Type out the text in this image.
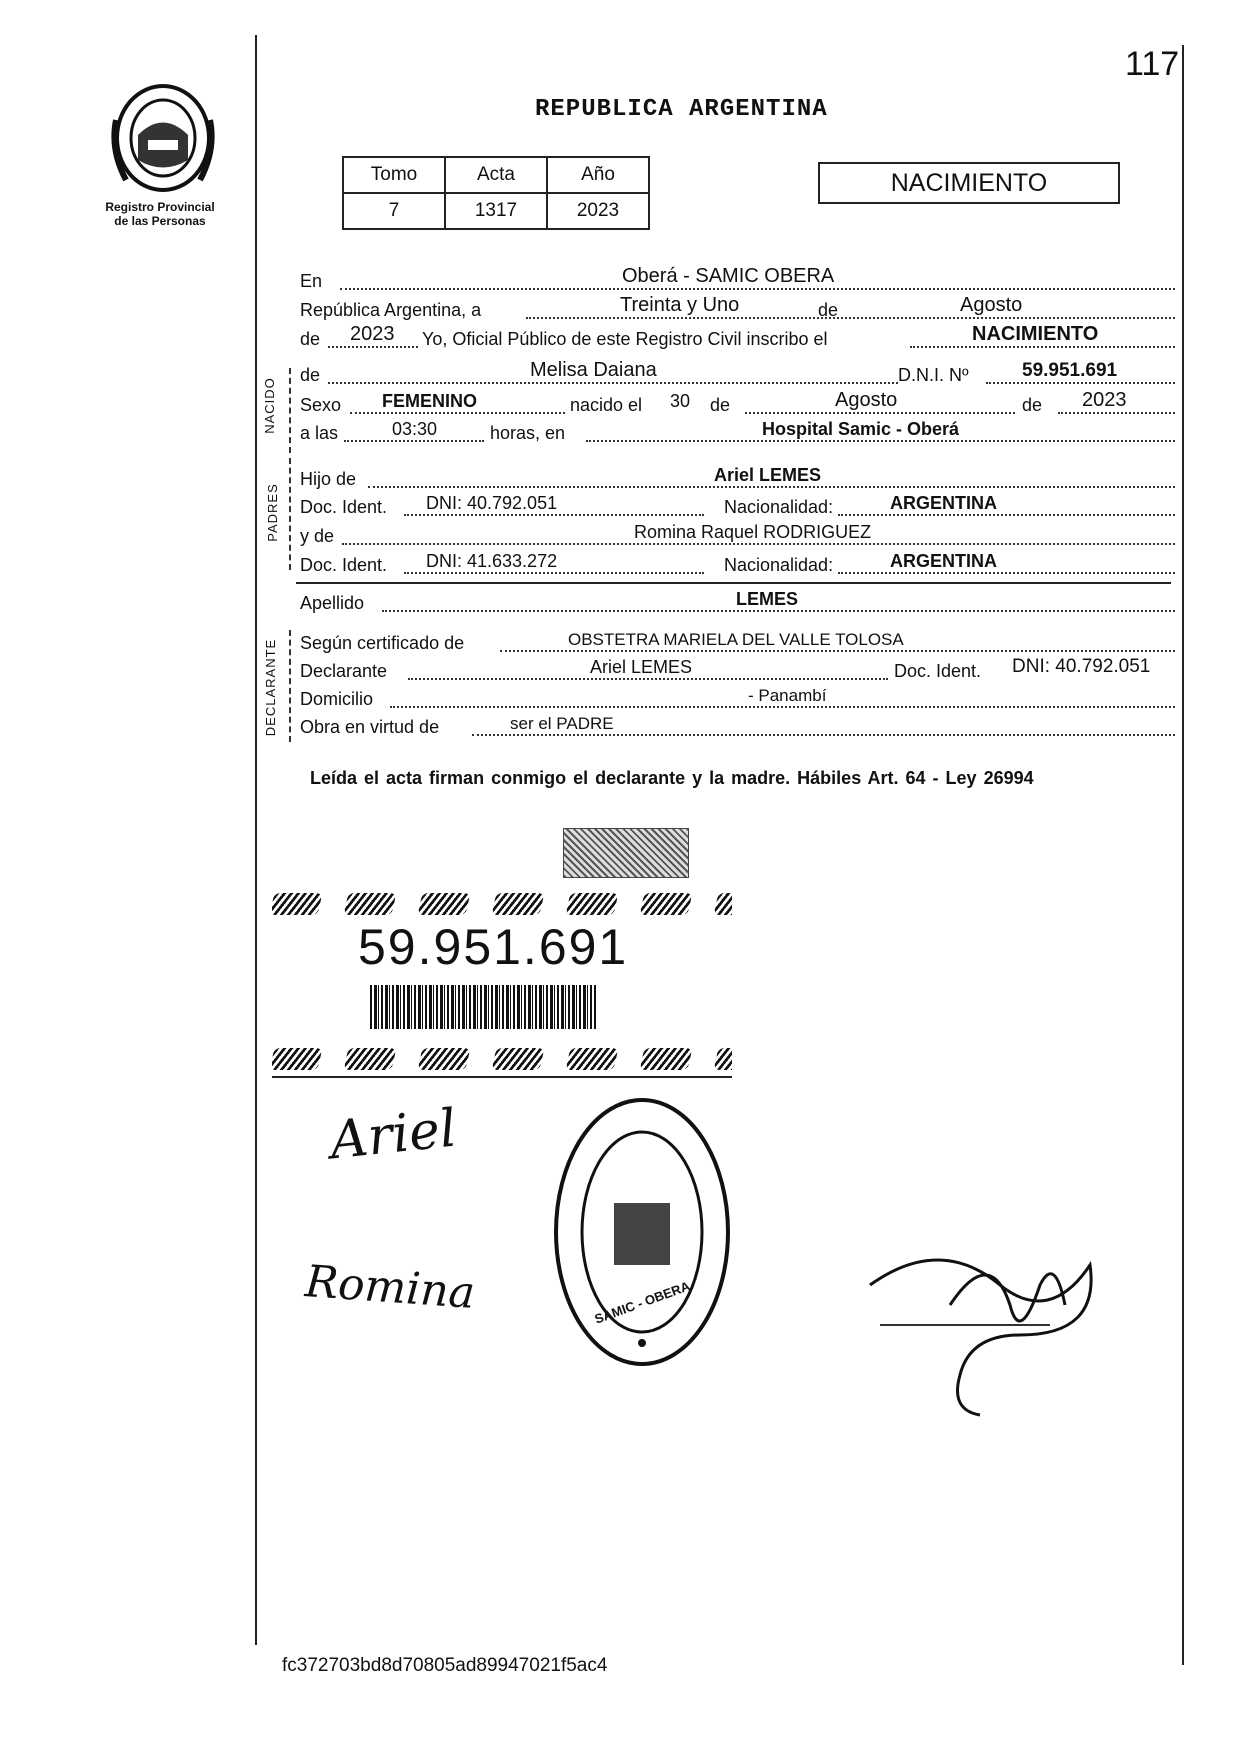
117
Registro Provincial
de las Personas
REPUBLICA ARGENTINA
Tomo	Acta	Año
7	1317	2023
NACIMIENTO
En	Oberá - SAMIC OBERA
República Argentina, a	Treinta y Uno	de	Agosto
de 2023 Yo, Oficial Público de este Registro Civil inscribo el	NACIMIENTO
NACIDO
de	Melisa Daiana	D.N.I. Nº	59.951.691
Sexo FEMENINO	nacido el 30 de	Agosto	de 2023
a las	03:30	horas, en	Hospital Samic - Oberá
PADRES
Hijo de	Ariel LEMES
Doc. Ident. DNI: 40.792.051	Nacionalidad:	ARGENTINA
y de	Romina Raquel RODRIGUEZ
Doc. Ident. DNI: 41.633.272	Nacionalidad:	ARGENTINA
Apellido	LEMES
DECLARANTE Según certificado de	OBSTETRA MARIELA DEL VALLE TOLOSA
Declarante	Ariel LEMES	Doc. Ident. DNI: 40.792.051
Domicilio	- Panambí
Obra en virtud de	ser el PADRE
Leída el acta firman conmigo el declarante y la madre. Hábiles Art. 64 - Ley 26994
59.951.691
Ariel
Romina	SAMIC - OBERA
fc372703bd8d70805ad89947021f5ac4
